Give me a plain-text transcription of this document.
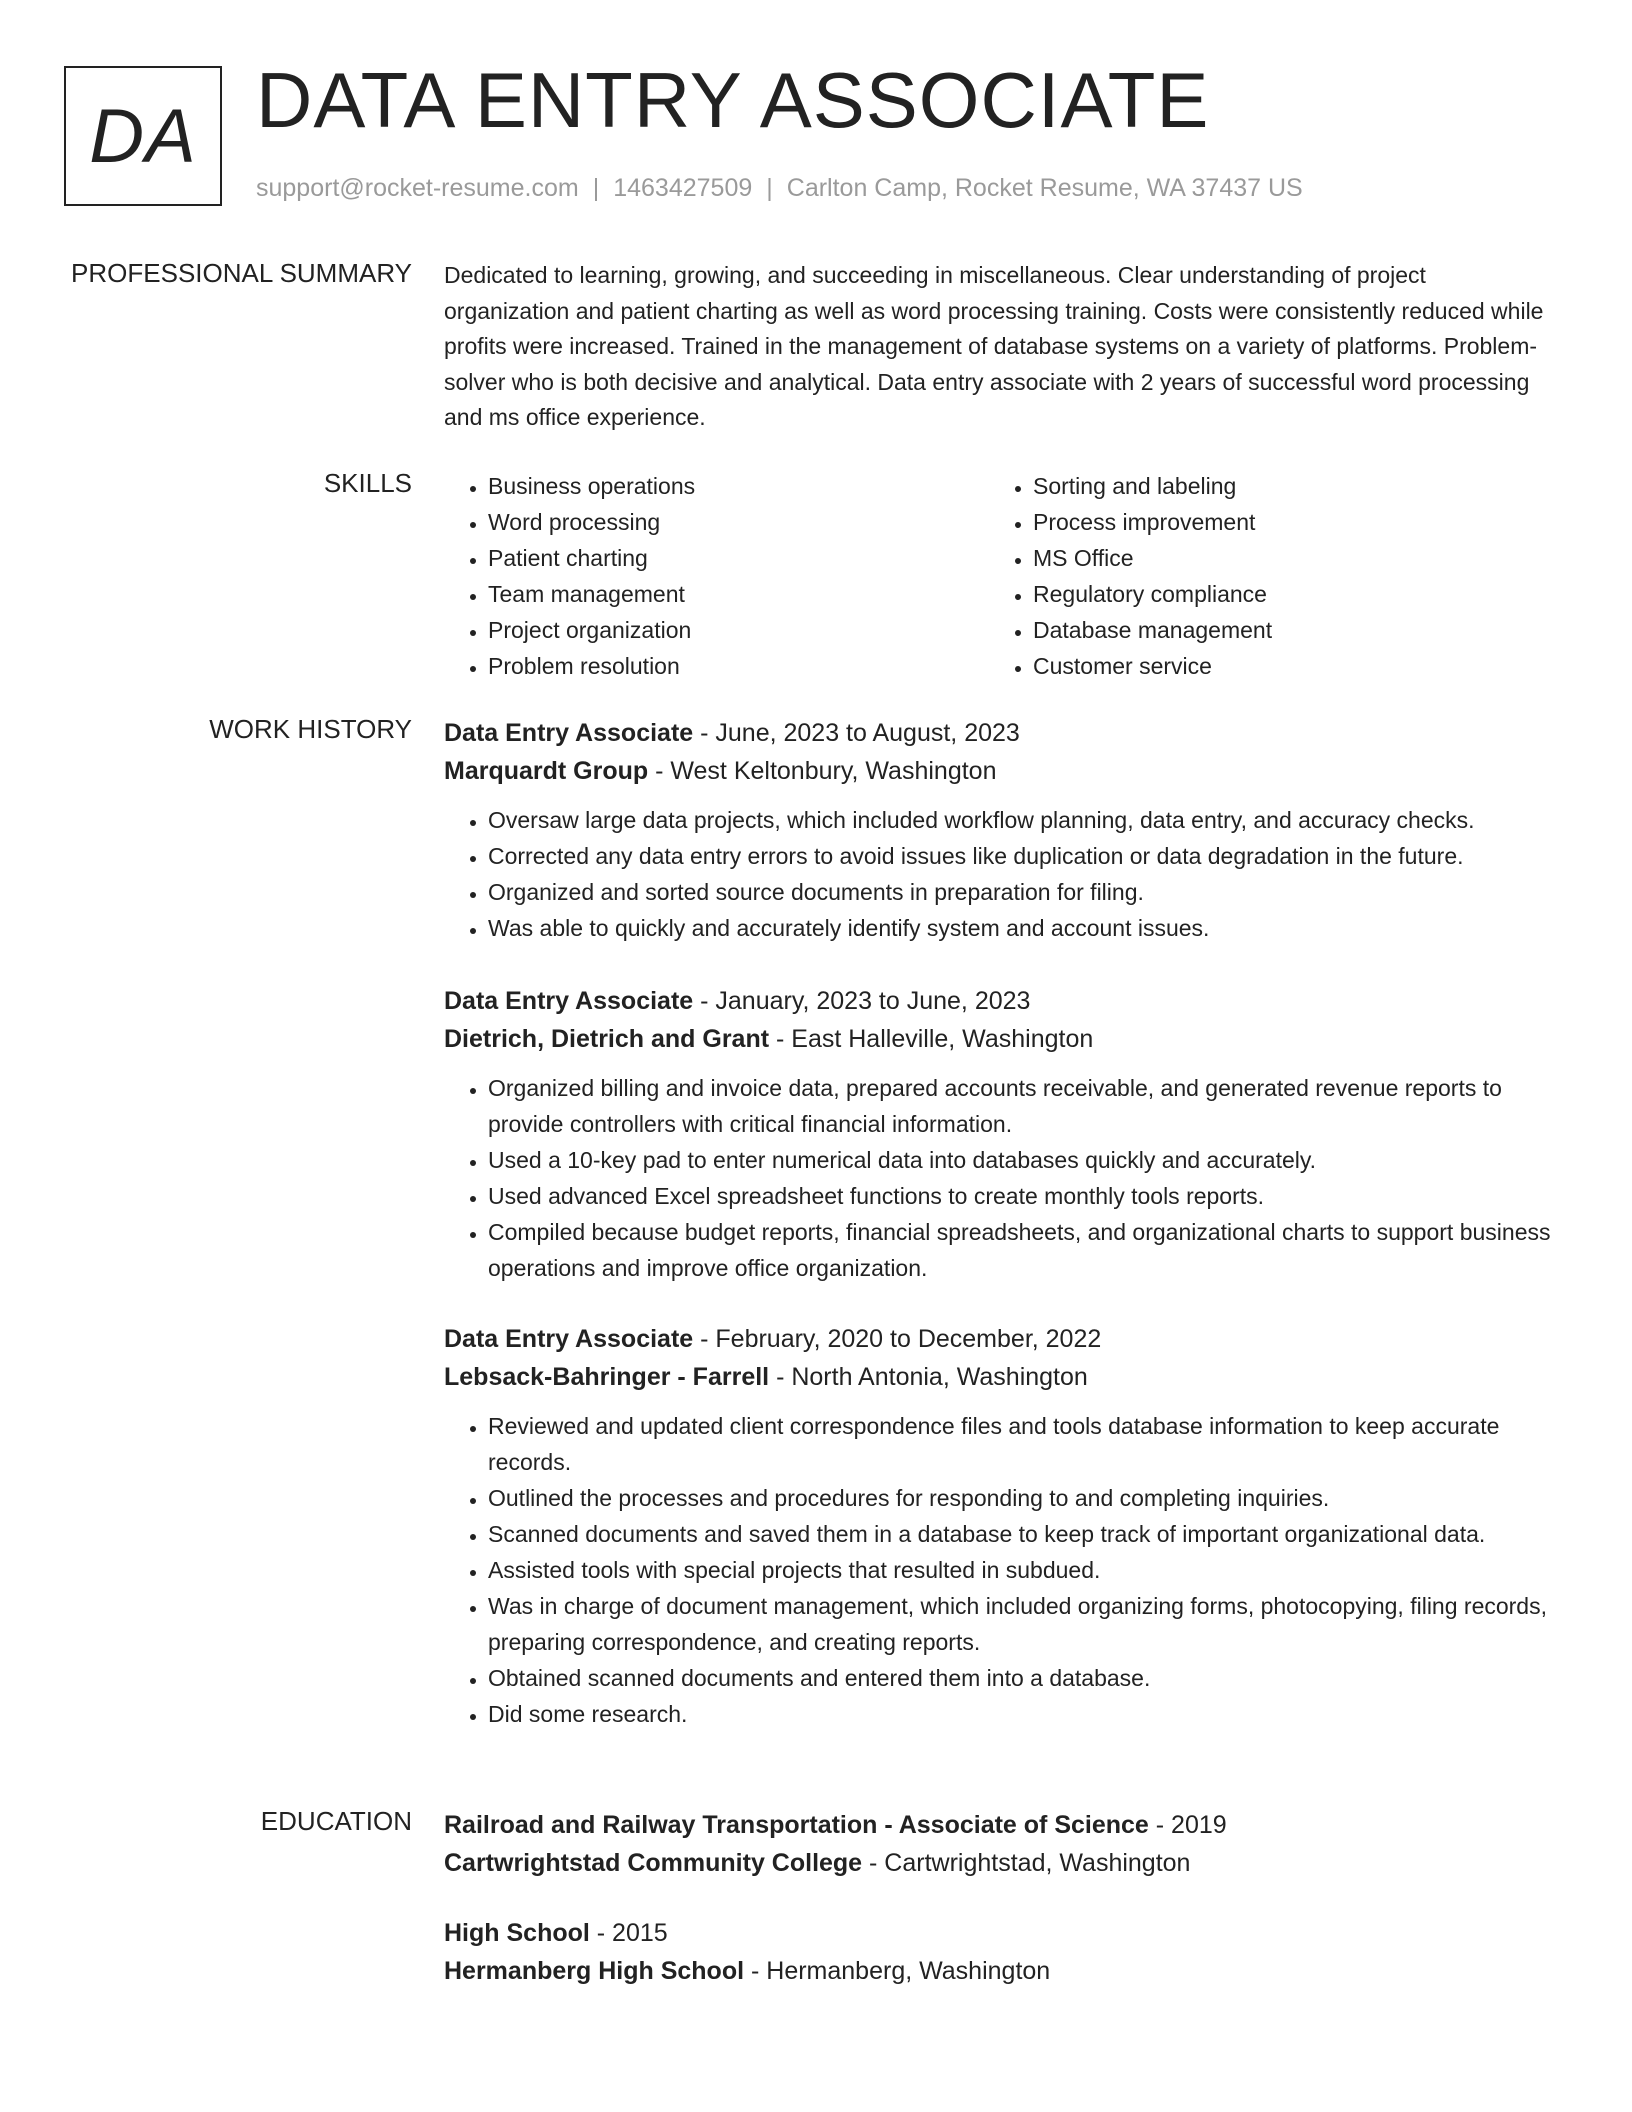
DA DATA ENTRY ASSOCIATE
support@rocket-resume.com | 1463427509 | Carlton Camp, Rocket Resume, WA 37437 US
PROFESSIONAL SUMMARY Dedicated to learning, growing, and succeeding in miscellaneous. Clear understanding of project organization and patient charting as well as word processing training. Costs were consistently reduced while profits were increased. Trained in the management of database systems on a variety of platforms. Problem-solver who is both decisive and analytical. Data entry associate with 2 years of successful word processing and ms office experience.
SKILLS
•	Business operations
• Word processing
• Patient charting
• Team management
• Project organization
• Problem resolution
• Sorting and labeling
• Process improvement
• MS Office
• Regulatory compliance
• Database management
• Customer service
WORK HISTORY Data Entry Associate - June, 2023 to August, 2023
Marquardt Group - West Keltonbury, Washington
• Oversaw large data projects, which included workflow planning, data entry, and accuracy checks.
• Corrected any data entry errors to avoid issues like duplication or data degradation in the future.
• Organized and sorted source documents in preparation for filing.
• Was able to quickly and accurately identify system and account issues.
Data Entry Associate - January, 2023 to June, 2023
Dietrich, Dietrich and Grant - East Halleville, Washington
• Organized billing and invoice data, prepared accounts receivable, and generated revenue reports to provide controllers with critical financial information.
• Used a 10-key pad to enter numerical data into databases quickly and accurately.
• Used advanced Excel spreadsheet functions to create monthly tools reports.
• Compiled because budget reports, financial spreadsheets, and organizational charts to support business operations and improve office organization.
Data Entry Associate - February, 2020 to December, 2022
Lebsack-Bahringer - Farrell - North Antonia, Washington
• Reviewed and updated client correspondence files and tools database information to keep accurate records.
• Outlined the processes and procedures for responding to and completing inquiries.
• Scanned documents and saved them in a database to keep track of important organizational data.
• Assisted tools with special projects that resulted in subdued.
• Was in charge of document management, which included organizing forms, photocopying, filing records, preparing correspondence, and creating reports.
• Obtained scanned documents and entered them into a database.
• Did some research.
EDUCATION Railroad and Railway Transportation - Associate of Science - 2019
Cartwrightstad Community College - Cartwrightstad, Washington
High School - 2015
Hermanberg High School - Hermanberg, Washington
